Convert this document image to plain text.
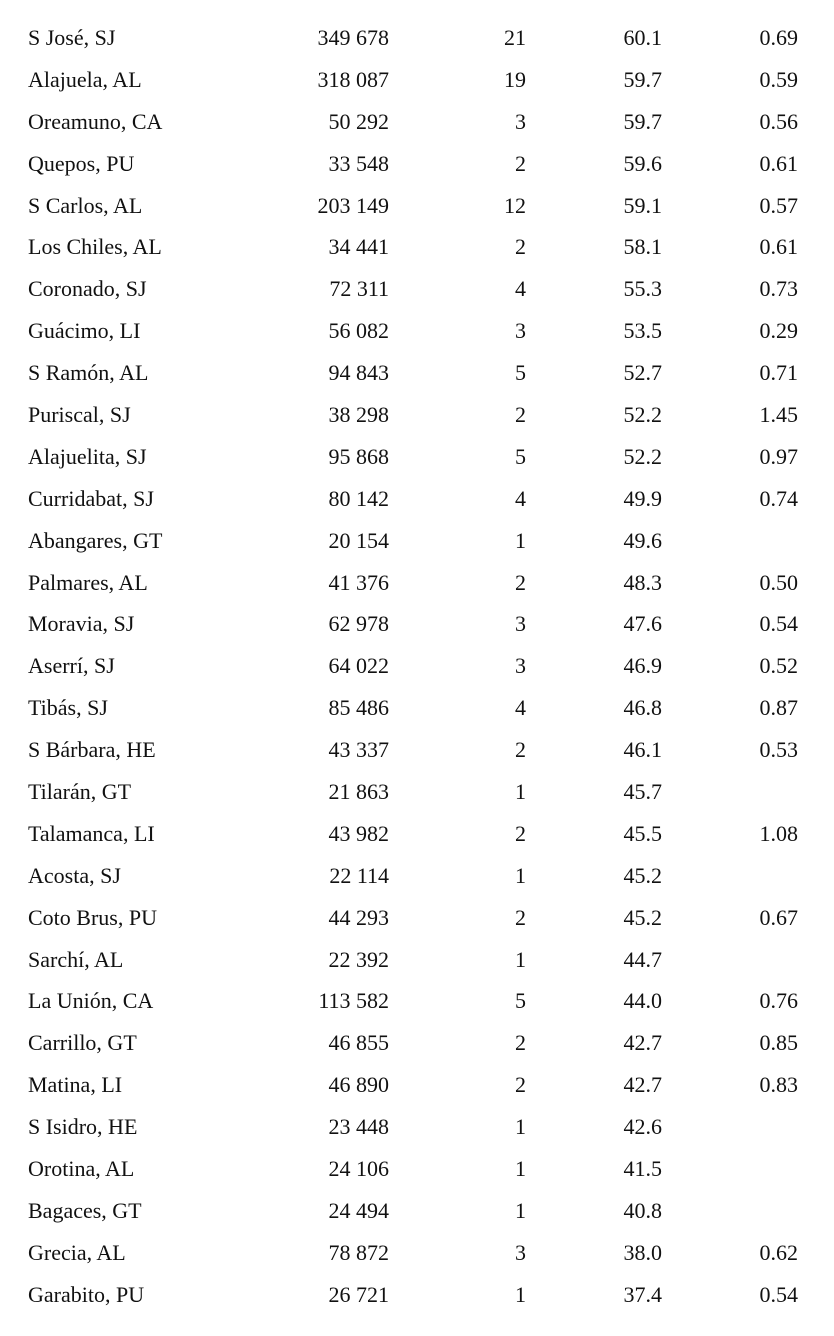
S José, SJ	349 678	21	60.1	0.69
Alajuela, AL	318 087	19	59.7	0.59
Oreamuno, CA	50 292	3	59.7	0.56
Quepos, PU	33 548	2	59.6	0.61
S Carlos, AL	203 149	12	59.1	0.57
Los Chiles, AL	34 441	2	58.1	0.61
Coronado, SJ	72 311	4	55.3	0.73
Guácimo, LI	56 082	3	53.5	0.29
S Ramón, AL	94 843	5	52.7	0.71
Puriscal, SJ	38 298	2	52.2	1.45
Alajuelita, SJ	95 868	5	52.2	0.97
Curridabat, SJ	80 142	4	49.9	0.74
Abangares, GT	20 154	1	49.6
Palmares, AL	41 376	2	48.3	0.50
Moravia, SJ	62 978	3	47.6	0.54
Aserrí, SJ	64 022	3	46.9	0.52
Tibás, SJ	85 486	4	46.8	0.87
S Bárbara, HE	43 337	2	46.1	0.53
Tilarán, GT	21 863	1	45.7
Talamanca, LI	43 982	2	45.5	1.08
Acosta, SJ	22 114	1	45.2
Coto Brus, PU	44 293	2	45.2	0.67
Sarchí, AL	22 392	1	44.7
La Unión, CA	113 582	5	44.0	0.76
Carrillo, GT	46 855	2	42.7	0.85
Matina, LI	46 890	2	42.7	0.83
S Isidro, HE	23 448	1	42.6
Orotina, AL	24 106	1	41.5
Bagaces, GT	24 494	1	40.8
Grecia, AL	78 872	3	38.0	0.62
Garabito, PU	26 721	1	37.4	0.54
